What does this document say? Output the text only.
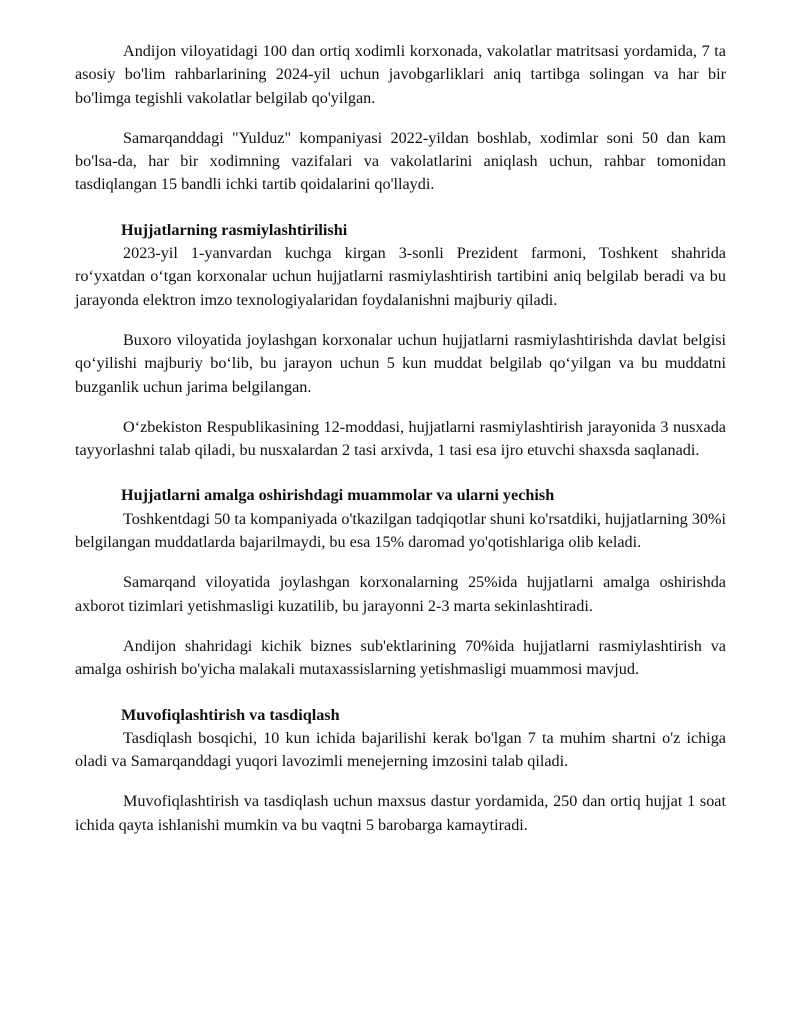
Andijon viloyatidagi 100 dan ortiq xodimli korxonada, vakolatlar matritsasi yordamida, 7 ta asosiy bo'lim rahbarlarining 2024-yil uchun javobgarliklari aniq tartibga solingan va har bir bo'limga tegishli vakolatlar belgilab qo'yilgan.

Samarqanddagi "Yulduz" kompaniyasi 2022-yildan boshlab, xodimlar soni 50 dan kam bo'lsa-da, har bir xodimning vazifalari va vakolatlarini aniqlash uchun, rahbar tomonidan tasdiqlangan 15 bandli ichki tartib qoidalarini qo'llaydi.

Hujjatlarning rasmiylashtirilishi

2023-yil 1-yanvardan kuchga kirgan 3-sonli Prezident farmoni, Toshkent shahrida ro‘yxatdan o‘tgan korxonalar uchun hujjatlarni rasmiylashtirish tartibini aniq belgilab beradi va bu jarayonda elektron imzo texnologiyalaridan foydalanishni majburiy qiladi.

Buxoro viloyatida joylashgan korxonalar uchun hujjatlarni rasmiylashtirishda davlat belgisi qo‘yilishi majburiy bo‘lib, bu jarayon uchun 5 kun muddat belgilab qo‘yilgan va bu muddatni buzganlik uchun jarima belgilangan.

O‘zbekiston Respublikasining 12-moddasi, hujjatlarni rasmiylashtirish jarayonida 3 nusxada tayyorlashni talab qiladi, bu nusxalardan 2 tasi arxivda, 1 tasi esa ijro etuvchi shaxsda saqlanadi.

Hujjatlarni amalga oshirishdagi muammolar va ularni yechish

Toshkentdagi 50 ta kompaniyada o'tkazilgan tadqiqotlar shuni ko'rsatdiki, hujjatlarning 30%i belgilangan muddatlarda bajarilmaydi, bu esa 15% daromad yo'qotishlariga olib keladi.

Samarqand viloyatida joylashgan korxonalarning 25%ida hujjatlarni amalga oshirishda axborot tizimlari yetishmasligi kuzatilib, bu jarayonni 2-3 marta sekinlashtiradi.

Andijon shahridagi kichik biznes sub'ektlarining 70%ida hujjatlarni rasmiylashtirish va amalga oshirish bo'yicha malakali mutaxassislarning yetishmasligi muammosi mavjud.

Muvofiqlashtirish va tasdiqlash

Tasdiqlash bosqichi, 10 kun ichida bajarilishi kerak bo'lgan 7 ta muhim shartni o'z ichiga oladi va Samarqanddagi yuqori lavozimli menejerning imzosini talab qiladi.

Muvofiqlashtirish va tasdiqlash uchun maxsus dastur yordamida, 250 dan ortiq hujjat 1 soat ichida qayta ishlanishi mumkin va bu vaqtni 5 barobarga kamaytiradi.
